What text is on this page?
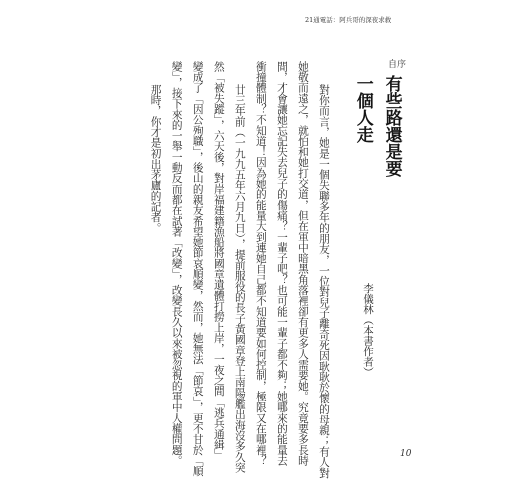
21通電話：阿兵哥的深夜求救
自序
有些路還是要
一個人走
李儀林（本書作者）
對你而言，她是一個失聯多年的朋友，一位對兒子離奇死因耿耿於懷的母親；有人對
她敬而遠之，就怕和她打交道，但在軍中暗黑角落裡卻有更多人需要她。究竟要多長時
間，才會讓她忘記失去兒子的傷痛？一輩子吧？也可能一輩子都不夠；她哪來的能量去
衝撞體制？不知道！因為她的能量大到連她自己都不知道要如何控制，極限又在哪裡？
廿三年前（一九九五年六月九日），提前服役的長子黃國章登上南陽艦出海沒多久突
然「被失蹤」，六天後，對岸福建籍漁船將國章遺體打撈上岸，一夜之間「逃兵通緝」
變成了「因公殉職」，後山的親友希望她節哀順變，然而，她無法「節哀」，更不甘於「順
變」，接下來的一舉一動反而都在試著「改變」，改變長久以來被忽視的軍中人權問題。
那時，你才是初出茅廬的記者。
10
